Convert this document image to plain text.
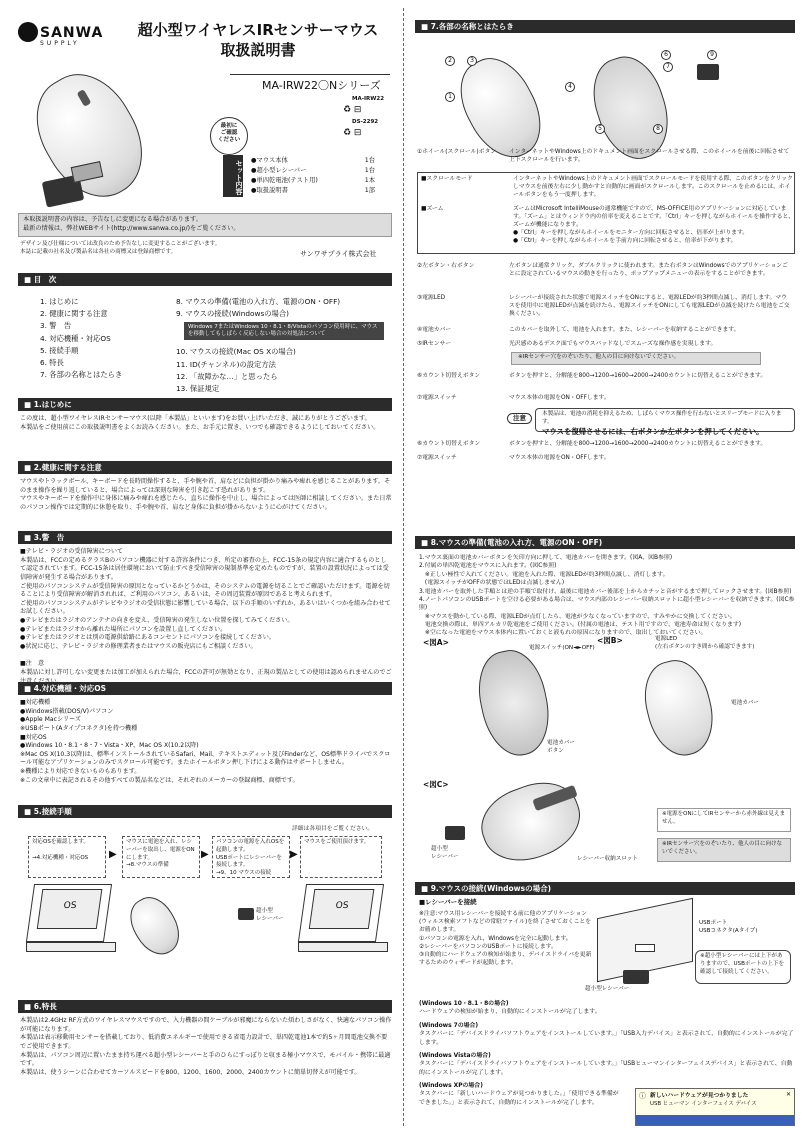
SANWA
SUPPLY
超小型ワイヤレスIRセンサーマウス
取扱説明書
MA-IRW22〇Nシリーズ
MA-IRW22
DS-2292
♻ ⊟
♻ ⊟
最初に
ご確認
ください
セット内容 ●マウス本体	1台
●超小型レシーバー	1台
●単四乾電池(テスト用)	1本
●取扱説明書	1部
本取扱説明書の内容は、予告なしに変更になる場合があります。
最新の情報は、弊社WEBサイト(http://www.sanwa.co.jp/)をご覧ください。
デザイン及び仕様については改良のため予告なしに変更することがございます。
本誌に記載の社名及び製品名は各社の商標又は登録商標です。	サンワサプライ株式会社
■ 目　次
1. はじめに
2. 健康に関する注意
3. 警　告
4. 対応機種・対応OS
5. 接続手順
6. 特長
7. 各部の名称とはたらき
8. マウスの準備(電池の入れ方、電源のON・OFF)
9. マウスの接続(Windowsの場合)
10. マウスの接続(Mac OS Xの場合)
11. ID(チャンネル)の設定方法
12. 「故障かな…」と思ったら
13. 保証規定
Windows 7またはWindows 10・8.1・8/Vistaのパソコン使用時に、マウスを移動してもしばらく反応しない場合の対処法について
■ 1.はじめに
この度は、超小型ワイヤレスIRセンサーマウス(以降「本製品」といいます)をお買い上げいただき、誠にありがとうございます。
本製品をご使用前にこの取扱説明書をよくお読みください。また、お手元に置き、いつでも確認できるようにしておいてください。
■ 2.健康に関する注意
マウスやトラックボール、キーボードを長時間操作すると、手や腕や首、肩などに負担が掛かり痛みや痺れを感じることがあります。そのまま操作を繰り返していると、場合によっては深刻な障害を引き起こす恐れがあります。
マウスやキーボードを操作中に身体に痛みや痺れを感じたら、直ちに操作を中止し、場合によっては医師に相談してください。また日常のパソコン操作では定期的に休憩を取り、手や腕や首、肩など身体に負担が掛からないように心がけてください。
■ 3.警　告
■テレビ・ラジオの受信障害について
本製品は、FCCの定めるクラスBのパソコン機器に対する許容条件につき、所定の審査の上、FCC-15条の規定内容に適合するものとして認定されています。FCC-15条は居住環境において防止すべき受信障害の規制基準を定めたものですが、装置の設置状況によっては受信障害が発生する場合があります。
ご使用のパソコンシステムが受信障害の原因となっているかどうかは、そのシステムの電源を切ることでご確認いただけます。電源を切ることにより受信障害が解消されれば、ご利用のパソコン、あるいは、その周辺装置が原因であると考えられます。
ご使用のパソコンシステムがテレビやラジオの受信状態に影響している場合、以下の手順のいずれか、あるいはいくつかを組み合わせてお試しください。
●テレビまたはラジオのアンテナの向きを変え、受信障害の発生しない位置を探してみてください。
●テレビまたはラジオから離れた場所にパソコンを設置し直してください。
●テレビまたはラジオとは別の電源供給路にあるコンセントにパソコンを接続してください。
●状況に応じ、テレビ・ラジオの修理業者またはマウスの販売店にもご相談ください。

■注　意
本製品に対し許可しない変更または加工が加えられた場合、FCCの許可が無効となり、正規の製品としての使用は認められませんのでご
■ 4.対応機種・対応OS
■対応機種
●Windows搭載(DOS/V)パソコン
●Apple Macシリーズ
※USBポート(Aタイプコネクタ)を持つ機種
■対応OS
●Windows 10・8.1・8・7・Vista・XP、Mac OS X(10.2以降)
※Mac OS X(10.3以降)は、標準インストールされているSafari、Mail、テキストエディット及びFinderなど、OS標準ドライバでスクロール可能なアプリケーションのみでスクロール可能です。またホイールボタン押し下げによる動作はサポートしません。
※機種により対応できないものもあります。
※この文章中に表記されるその他すべての製品名などは、それぞれのメーカーの登録商標、商標です。
■ 5.接続手順
詳細は各項目をご覧ください。
対応OSを確認します。

→4.対応機種・対応OS
マウスに電池を入れ、レシーバーを取出し、電源をONにします。
→8.マウスの準備
パソコンの電源を入れOSを起動します。
USBポートにレシーバーを接続します。
→9、10 マウスの接続
マウスをご使用頂けます。
▶	▶	▶
OS	OS
超小型
レシーバー
■ 6.特長
本製品は2.4GHz RF方式のワイヤレスマウスですので、入力機器の間ケーブルが邪魔にならないた煩わしさがなく、快適なパソコン操作が可能になります。
本製品は表示移動用センサーを搭載しており、低消費エネルギーで使用できる省電力設計で、単四乾電池1本で約5ヶ月間電池交換不要でご使用できます。
本製品は、パソコン周辺に置いたまま持ち運べる超小型レシーバーと手のひらにすっぽりと収まる極小マウスで、モバイル・携帯に最適です。
本製品は、使うシーンに合わせてカーソルスピードを800、1200、1600、2000、2400カウントに簡単切替えが可能です。
■ 7.各部の名称とはたらき
1
2	3
4
5
6
7
8
9
①ホイール(スクロール)ボタン インターネットやWindows上のドキュメント画面をスクロールさせる際、このホイールを前後に回転させて上下スクロールを行います。
■スクロールモード	インターネットやWindows上のドキュメント画面でスクロールモードを使用する際、このボタンをクリックしマウスを前後左右に少し動かすと自動的に画面がスクロールします。このスクロールを止めるには、ホイールボタンをもう一度押します。
■ズーム	ズームはMicrosoft IntelliMouseの通常機能ですので、MS-OFFICE用のアプリケーションに対応しています。「ズーム」とはウィンドウ内の倍率を変えることです。「Ctrl」キーを押しながらホイールを操作すると、ズームが機能になります。
●「Ctrl」キーを押しながらホイールをモニター方向に回転させると、倍率が上がります。
●「Ctrl」キーを押しながらホイールを手前方向に回転させると、倍率が下がります。
②左ボタン・右ボタン	左ボタンは通常クリック、ダブルクリックに使われます。また右ボタンはWindowsでのアプリケーションごとに設定されているマウスの動きを行ったり、ポップアップメニューの表示をすることができます。
③電源LED	レシーバーが接続された状態で電源スイッチをONにすると、電源LEDが約3秒間点滅し、消灯します。マウスを使用中に電源LEDが点滅を続けたら、電源スイッチをONにしても電源LEDが点滅を続けたら電池をご交換ください。
④電池カバー	このカバーを取外して、電池を入れます。また、レシーバーを収納することができます。
⑤IRセンサー	光沢感のあるデスク面でもマウスパッドなしでスムーズな操作感を実現します。
※IRセンサー穴をのぞいたり、他人の目に向けないでください。
⑥カウント切替えボタン	ボタンを押すと、分解能を800→1200→1600→2000→2400カウントに切替えることができます。
⑦電源スイッチ	マウス本体の電源をON・OFFします。
注意	本製品は、電池の消耗を抑えるため、しばらくマウス操作を行わないとスリープモードに入ります。
マウスを復帰させるには、右ボタンか左ボタンを押してください。
⑥カウント切替えボタン	ボタンを押すと、分解能を800→1200→1600→2000→2400カウントに切替えることができます。
⑦電源スイッチ	マウス本体の電源をON・OFFします。
■ 8.マウスの準備(電池の入れ方、電源のON・OFF)
1.マウス裏面の電池カバーボタンを矢印方向に押して、電池カバーを開きます。(図A、図B参照)
2.付属の単四乾電池をマウスに入れます。(図C参照)
　※正しい極性で入れてください。電池を入れた際、電源LEDが約3秒間点滅し、消灯します。
　(電源スイッチがOFFの状態ではLEDは点滅しません)
3.電池カバーを取外した手順とは逆の手順で取付け、最後に電池カバー後部を上からカチッと音がするまで押してロックさせます。(図B参照)
4.ノートパソコンのUSBポートを空ける必要がある場合は、マウス内部のレシーバー収納スロットに超小型レシーバーを収納できます。(図C参照)
　※マウスを動かしている際、電源LEDが点灯したら、電池が少なくなっていますので、すみやかに交換してください。
　電池交換の際は、単四アルカリ乾電池をご使用ください。(付属の電池は、テスト用ですので、電池寿命は短くなります)
　※空になった電池をマウス本体内に置いておくと液もれの原因になりますので、取出しておいてください。
<図A>	<図B>
電源スイッチ(ON◄►OFF)
電池カバー
ボタン
電源LED
(左右ボタンのすき間から確認できます)
電池カバー
<図C>
超小型
レシーバー	レシーバー収納スロット
※電源をONにしてIRセンサーから赤外線は見えません。
※IRセンサー穴をのぞいたり、他人の目に向けないでください。
■ 9.マウスの接続(Windowsの場合)
■レシーバーを接続
※注意:マウス用レシーバーを接続する前に他のアプリケーション(ウィルス検索ソフトなどの常駐ファイル)を終了させておくことをお薦めします。
①パソコンの電源を入れ、Windowsを完全に起動します。
②レシーバーをパソコンのUSBポートに接続します。
③自動的にハードウェアの検知が始まり、デバイスドライバを更新するためのウィザードが起動します。
USBポート
USBコネクタ(Aタイプ)
※超小型レシーバーには上下がありますので、USBポートの上下を確認して接続してください。
超小型レシーバー
(Windows 10・8.1・8の場合)
ハードウェアの検知が始まり、自動的にインストールが完了します。
(Windows 7の場合)
タスクバーに「デバイスドライバソフトウェアをインストールしています。」「USB入力デバイス」と表示されて、自動的にインストールが完了します。
(Windows Vistaの場合)
タスクバーに「デバイスドライバソフトウェアをインストールしています。」「USBヒューマンインターフェイスデバイス」と表示されて、自動的にインストールが完了します。
(Windows XPの場合)
タスクバーに「新しいハードウェアが見つかりました。」「使用できる準備ができました。」と表示されて、自動的にインストールが完了します。
新しいハードウェアが見つかりました
USB ヒューマン インターフェイス デバイス
ⓘ	✕
